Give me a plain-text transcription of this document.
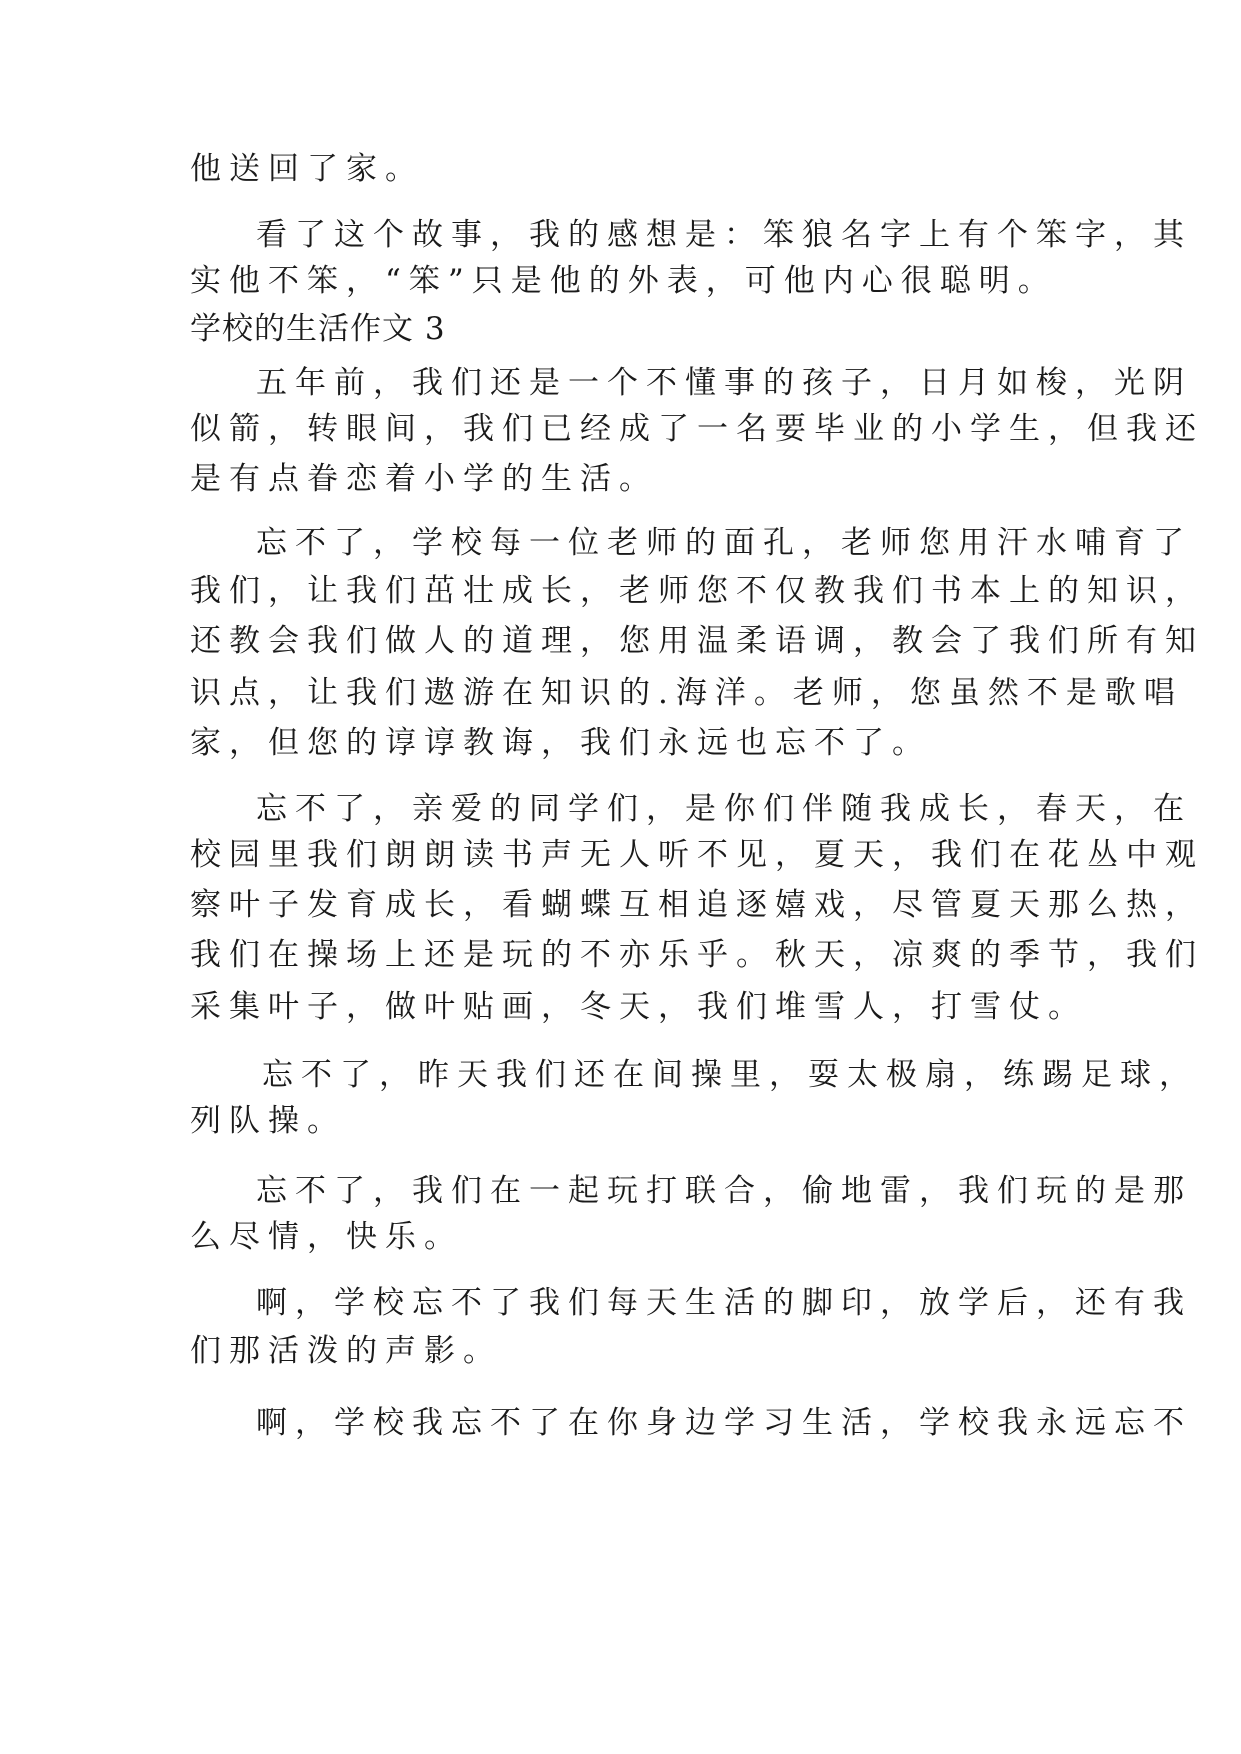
他送回了家。

看了这个故事，我的感想是：笨狼名字上有个笨字，其

实他不笨，“笨”只是他的外表，可他内心很聪明。

学校的生活作文 3

五年前，我们还是一个不懂事的孩子，日月如梭，光阴

似箭，转眼间，我们已经成了一名要毕业的小学生，但我还

是有点眷恋着小学的生活。

忘不了，学校每一位老师的面孔，老师您用汗水哺育了

我们，让我们茁壮成长，老师您不仅教我们书本上的知识，

还教会我们做人的道理，您用温柔语调，教会了我们所有知

识点，让我们遨游在知识的.海洋。老师，您虽然不是歌唱

家，但您的谆谆教诲，我们永远也忘不了。

忘不了，亲爱的同学们，是你们伴随我成长，春天，在

校园里我们朗朗读书声无人听不见，夏天，我们在花丛中观

察叶子发育成长，看蝴蝶互相追逐嬉戏，尽管夏天那么热，

我们在操场上还是玩的不亦乐乎。秋天，凉爽的季节，我们

采集叶子，做叶贴画，冬天，我们堆雪人，打雪仗。

忘不了，昨天我们还在间操里，耍太极扇，练踢足球，

列队操。

忘不了，我们在一起玩打联合，偷地雷，我们玩的是那

么尽情，快乐。

啊，学校忘不了我们每天生活的脚印，放学后，还有我

们那活泼的声影。

啊，学校我忘不了在你身边学习生活，学校我永远忘不
